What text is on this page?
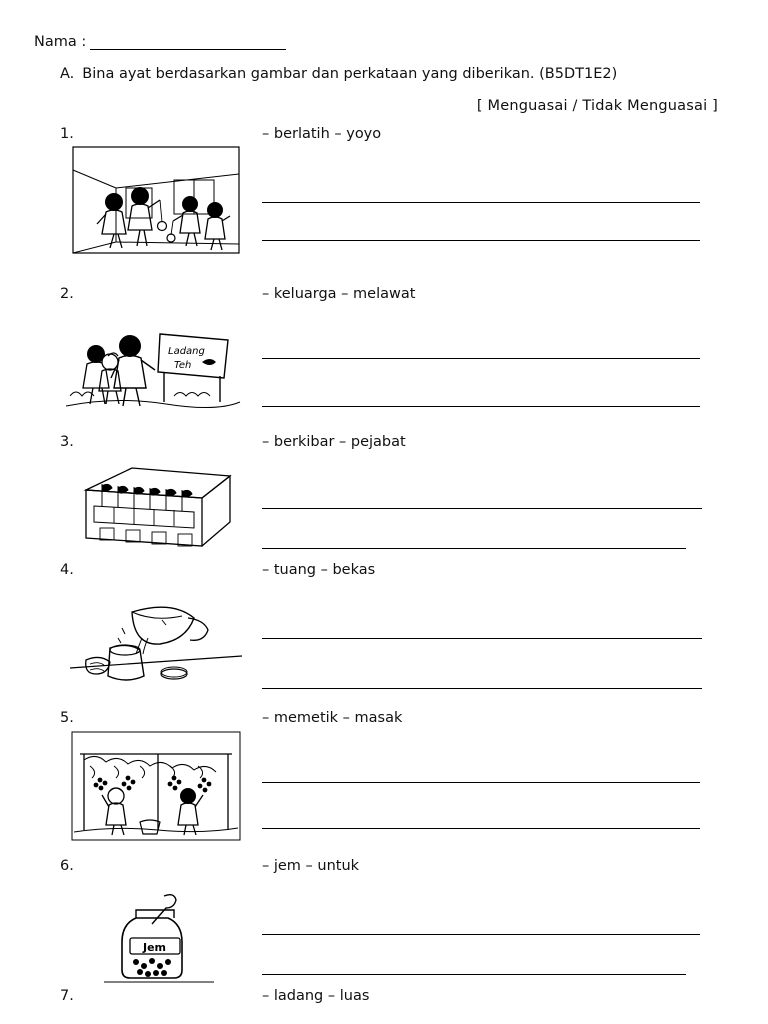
Nama :
A. Bina ayat berdasarkan gambar dan perkataan yang diberikan. (B5DT1E2)
[ Menguasai / Tidak Menguasai ]
1.	– berlatih – yoyo
2.	– keluarga – melawat
Ladang
Teh
3.	– berkibar – pejabat
4.	– tuang – bekas
5.	– memetik – masak
6.	– jem – untuk
Jem
7.	– ladang – luas
